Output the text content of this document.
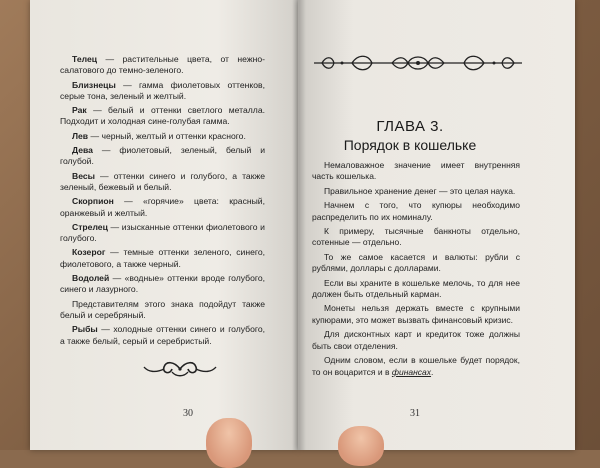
Телец — растительные цвета, от нежно-салатового до темно-зеленого.

Близнецы — гамма фиолетовых оттенков, серые тона, зеленый и желтый.

Рак — белый и оттенки светлого металла. Подходит и холодная сине-голубая гамма.

Лев — черный, желтый и оттенки красного.

Дева — фиолетовый, зеленый, белый и голубой.

Весы — оттенки синего и голубого, а также зеленый, бежевый и белый.

Скорпион — «горячие» цвета: красный, оранжевый и желтый.

Стрелец — изысканные оттенки фиолетового и голубого.

Козерог — темные оттенки зеленого, синего, фиолетового, а также черный.

Водолей — «водные» оттенки вроде голубого, синего и лазурного.

Представителям этого знака подойдут также белый и серебряный.

Рыбы — холодные оттенки синего и голубого, а также белый, серый и серебристый.

30
ГЛАВА 3.
Порядок в кошельке

Немаловажное значение имеет внутренняя часть кошелька.

Правильное хранение денег — это целая наука.

Начнем с того, что купюры необходимо распределить по их номиналу.

К примеру, тысячные банкноты отдельно, сотенные — отдельно.

То же самое касается и валюты: рубли с рублями, доллары с долларами.

Если вы храните в кошельке мелочь, то для нее должен быть отдельный карман.

Монеты нельзя держать вместе с крупными купюрами, это может вызвать финансовый кризис.

Для дисконтных карт и кредиток тоже должны быть свои отделения.

Одним словом, если в кошельке будет порядок, то он воцарится и в финансах.

31
